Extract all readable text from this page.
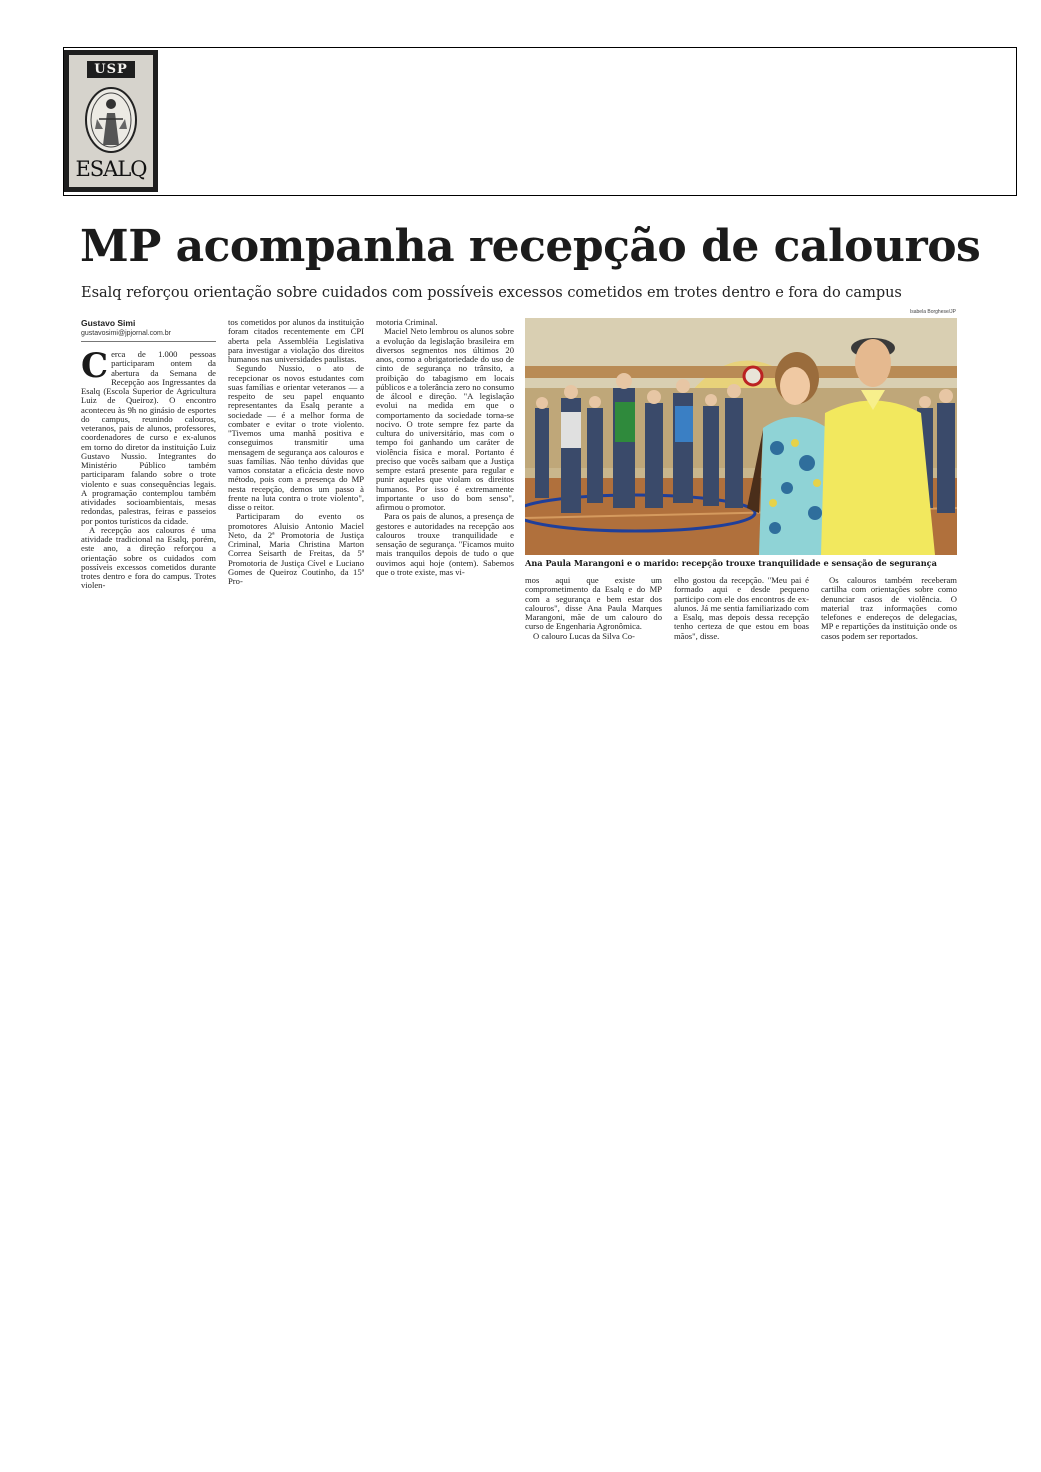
USP
ESALQ
MP acompanha recepção de calouros
Esalq reforçou orientação sobre cuidados com possíveis excessos cometidos em trotes dentro e fora do campus
Gustavo Simi
gustavosimi@jpjornal.com.br

Cerca de 1.000 pessoas participaram ontem da abertura da Semana de Recepção aos Ingressantes da Esalq (Escola Superior de Agricultura Luiz de Queiroz). O encontro aconteceu às 9h no ginásio de esportes do campus, reunindo calouros, veteranos, pais de alunos, professores, coordenadores de curso e ex-alunos em torno do diretor da instituição Luiz Gustavo Nussio. Integrantes do Ministério Público também participaram falando sobre o trote violento e suas consequências legais. A programação contemplou também atividades socioambientais, mesas redondas, palestras, feiras e passeios por pontos turísticos da cidade.

A recepção aos calouros é uma atividade tradicional na Esalq, porém, este ano, a direção reforçou a orientação sobre os cuidados com possíveis excessos cometidos durante trotes dentro e fora do campus. Trotes violen-

tos cometidos por alunos da instituição foram citados recentemente em CPI aberta pela Assembléia Legislativa para investigar a violação dos direitos humanos nas universidades paulistas.

Segundo Nussio, o ato de recepcionar os novos estudantes com suas famílias e orientar veteranos — a respeito de seu papel enquanto representantes da Esalq perante a sociedade — é a melhor forma de combater e evitar o trote violento. "Tivemos uma manhã positiva e conseguimos transmitir uma mensagem de segurança aos calouros e suas famílias. Não tenho dúvidas que vamos constatar a eficácia deste novo método, pois com a presença do MP nesta recepção, demos um passo à frente na luta contra o trote violento", disse o reitor.

Participaram do evento os promotores Aluisio Antonio Maciel Neto, da 2ª Promotoria de Justiça Criminal, Maria Christina Marton Correa Seisarth de Freitas, da 5ª Promotoria de Justiça Cível e Luciano Gomes de Queiroz Coutinho, da 15ª Pro-

motoria Criminal.

Maciel Neto lembrou os alunos sobre a evolução da legislação brasileira em diversos segmentos nos últimos 20 anos, como a obrigatoriedade do uso de cinto de segurança no trânsito, a proibição do tabagismo em locais públicos e a tolerância zero no consumo de álcool e direção. "A legislação evolui na medida em que o comportamento da sociedade torna-se nocivo. O trote sempre fez parte da cultura do universitário, mas com o tempo foi ganhando um caráter de violência física e moral. Portanto é preciso que vocês saibam que a Justiça sempre estará presente para regular e punir aqueles que violam os direitos humanos. Por isso é extremamente importante o uso do bom senso", afirmou o promotor.

Para os pais de alunos, a presença de gestores e autoridades na recepção aos calouros trouxe tranquilidade e sensação de segurança. "Ficamos muito mais tranquilos depois de tudo o que ouvimos aqui hoje (ontem). Sabemos que o trote existe, mas vi-

Isabela Borghese/JP
Ana Paula Marangoni e o marido: recepção trouxe tranquilidade e sensação de segurança

mos aqui que existe um comprometimento da Esalq e do MP com a segurança e bem estar dos calouros", disse Ana Paula Marques Marangoni, mãe de um calouro do curso de Engenharia Agronômica.

O calouro Lucas da Silva Co-

elho gostou da recepção. "Meu pai é formado aqui e desde pequeno participo com ele dos encontros de ex-alunos. Já me sentia familiarizado com a Esalq, mas depois dessa recepção tenho certeza de que estou em boas mãos", disse.

Os calouros também receberam cartilha com orientações sobre como denunciar casos de violência. O material traz informações como telefones e endereços de delegacias, MP e repartições da instituição onde os casos podem ser reportados.
